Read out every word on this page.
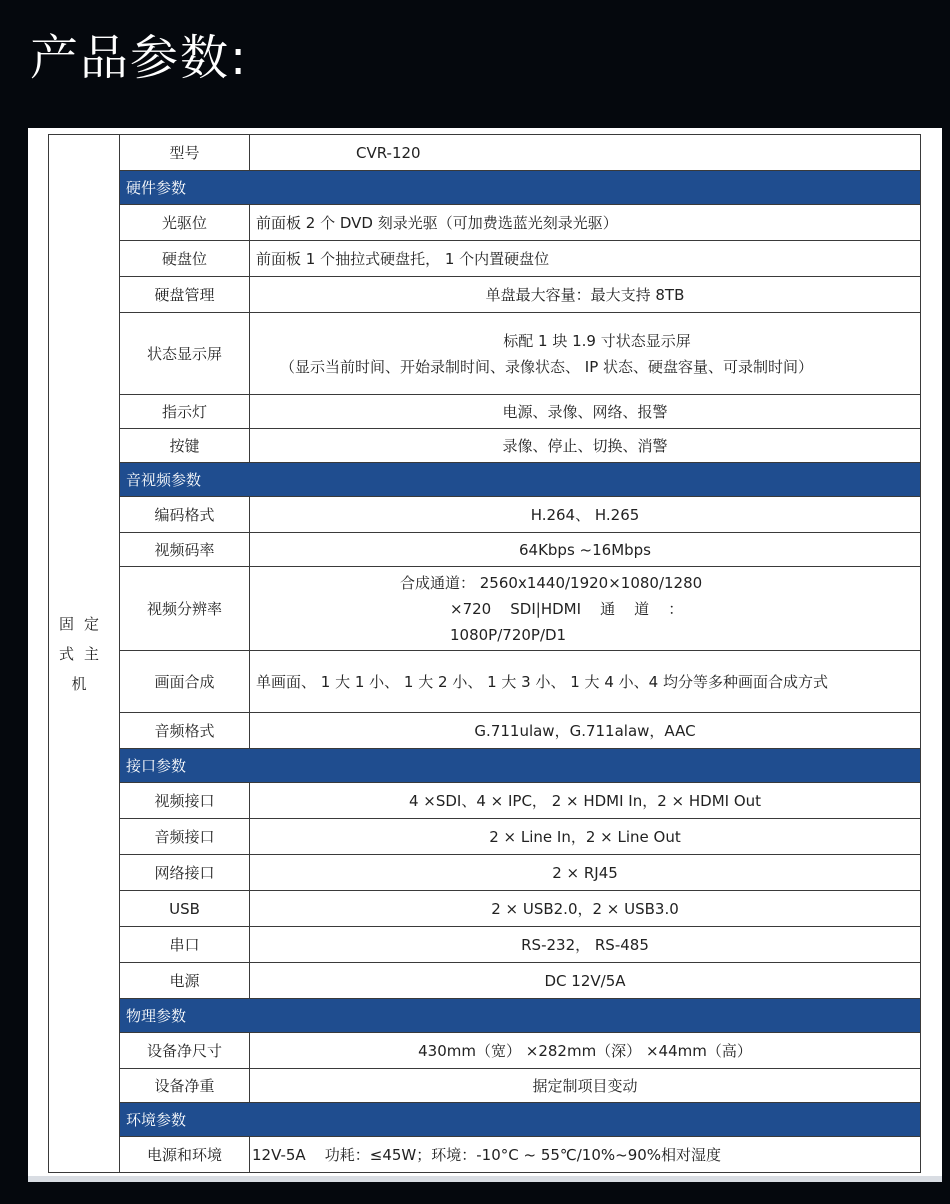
产品参数:
固定式主机	型号	CVR-120
	硬件参数	
	光驱位	前面板 2 个 DVD 刻录光驱（可加费选蓝光刻录光驱）
	硬盘位	前面板 1 个抽拉式硬盘托， 1 个内置硬盘位
	硬盘管理	单盘最大容量：最大支持 8TB
	状态显示屏	标配 1 块 1.9 寸状态显示屏
（显示当前时间、开始录制时间、录像状态、 IP 状态、硬盘容量、可录制时间）

	指示灯	电源、录像、网络、报警
	按键	录像、停止、切换、消警
	音视频参数	
	编码格式	H.264、 H.265
	视频码率	64Kbps ~16Mbps
	视频分辨率	合成通道： 2560x1440/1920×1080/1280
×720    SDI|HDMI    通    道    ：
1080P/720P/D1

	画面合成	单画面、 1 大 1 小、 1 大 2 小、 1 大 3 小、 1 大 4 小、4 均分等多种画面合成方式
	音频格式	G.711ulaw，G.711alaw，AAC
	接口参数	
	视频接口	4 ×SDI、4 × IPC， 2 × HDMI In，2 × HDMI Out
	音频接口	2 × Line In，2 × Line Out
	网络接口	2 × RJ45
	USB	2 × USB2.0，2 × USB3.0
	串口	RS-232， RS-485
	电源	DC 12V/5A
	物理参数	
	设备净尺寸	430mm（宽） ×282mm（深） ×44mm（高）
	设备净重	据定制项目变动
	环境参数	
	电源和环境	12V-5A    功耗：≤45W；环境：-10°C ~ 55℃/10%~90%相对湿度
